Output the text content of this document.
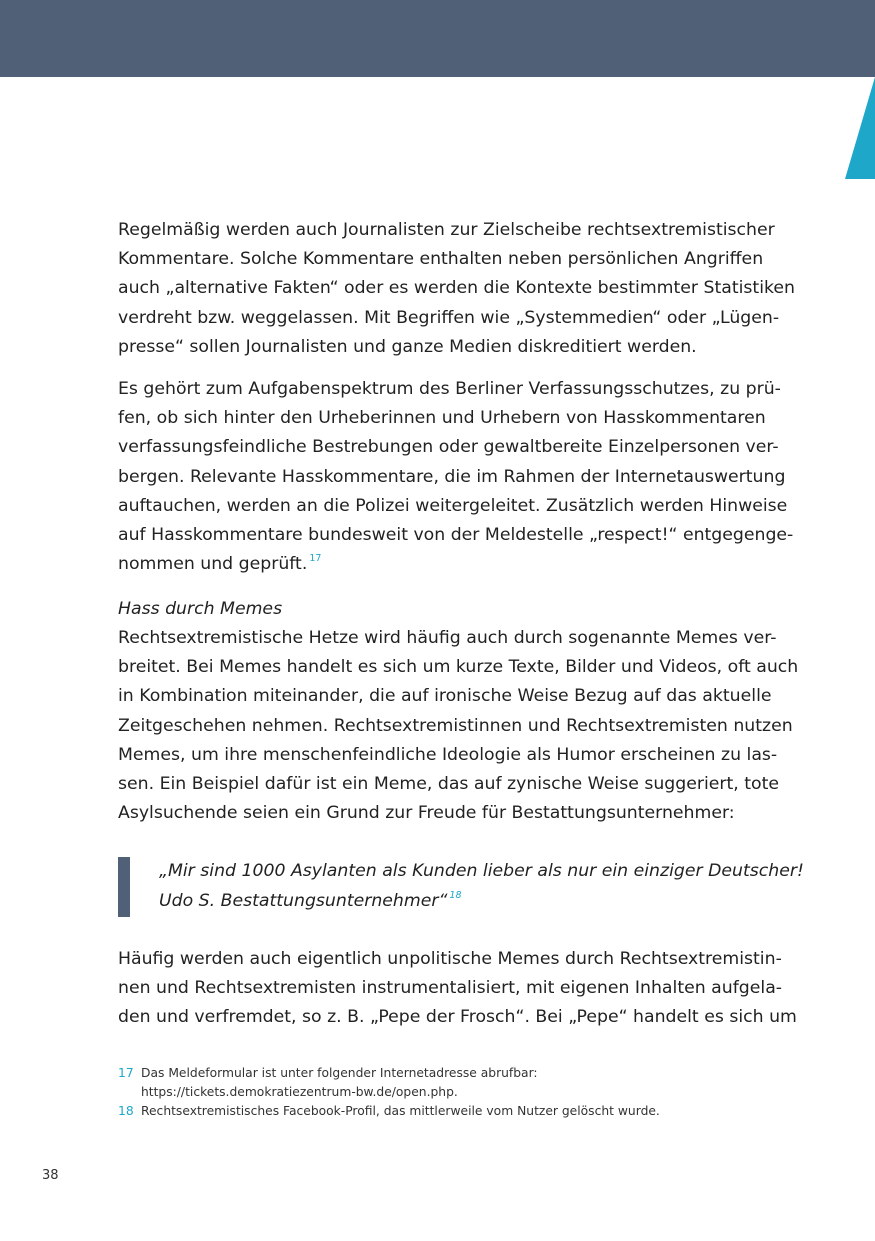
Regelmäßig werden auch Journalisten zur Zielscheibe rechtsextremistischer
Kommentare. Solche Kommentare enthalten neben persönlichen Angriffen
auch „alternative Fakten“ oder es werden die Kontexte bestimmter Statistiken
verdreht bzw. weggelassen. Mit Begriffen wie „Systemmedien“ oder „Lügen-
presse“ sollen Journalisten und ganze Medien diskreditiert werden.
Es gehört zum Aufgabenspektrum des Berliner Verfassungsschutzes, zu prü-
fen, ob sich hinter den Urheberinnen und Urhebern von Hasskommentaren
verfassungsfeindliche Bestrebungen oder gewaltbereite Einzelpersonen ver-
bergen. Relevante Hasskommentare, die im Rahmen der Internetauswertung
auftauchen, werden an die Polizei weitergeleitet. Zusätzlich werden Hinweise
auf Hasskommentare bundesweit von der Meldestelle „respect!“ entgegenge-
nommen und geprüft. $^{17}$
Hass durch Memes
Rechtsextremistische Hetze wird häufig auch durch sogenannte Memes ver-
breitet. Bei Memes handelt es sich um kurze Texte, Bilder und Videos, oft auch
in Kombination miteinander, die auf ironische Weise Bezug auf das aktuelle
Zeitgeschehen nehmen. Rechtsextremistinnen und Rechtsextremisten nutzen
Memes, um ihre menschenfeindliche Ideologie als Humor erscheinen zu las-
sen. Ein Beispiel dafür ist ein Meme, das auf zynische Weise suggeriert, tote
Asylsuchende seien ein Grund zur Freude für Bestattungsunternehmer:
„Mir sind 1000 Asylanten als Kunden lieber als nur ein einziger Deutscher!
Udo S. Bestattungsunternehmer“ $^{18}$
Häufig werden auch eigentlich unpolitische Memes durch Rechtsextremistin-
nen und Rechtsextremisten instrumentalisiert, mit eigenen Inhalten aufgela-
den und verfremdet, so z. B. „Pepe der Frosch“. Bei „Pepe“ handelt es sich um
17 Das Meldeformular ist unter folgender Internetadresse abrufbar:
https://tickets.demokratiezentrum-bw.de/open.php.
18 Rechtsextremistisches Facebook-Profil, das mittlerweile vom Nutzer gelöscht wurde.
38
